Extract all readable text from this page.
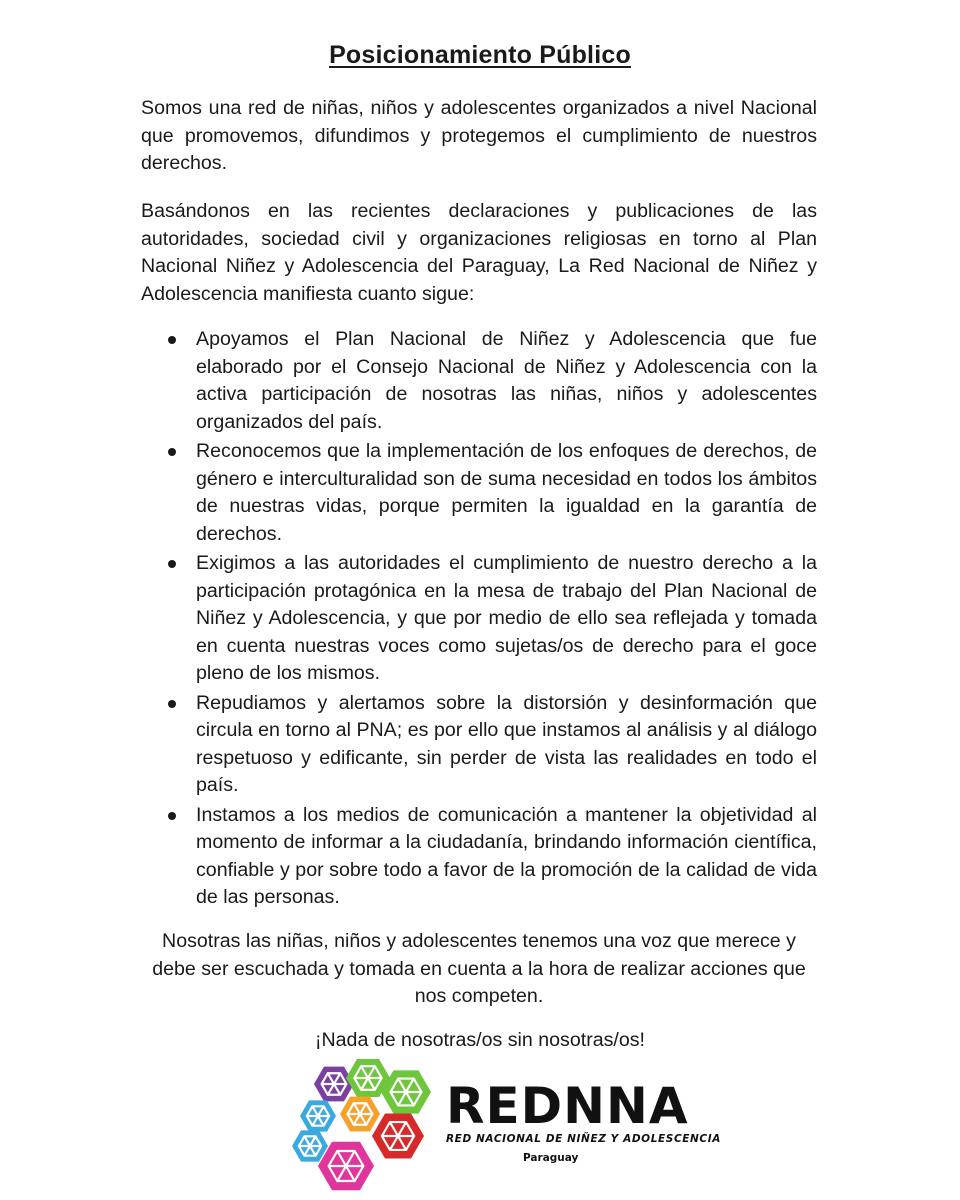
Posicionamiento Público

Somos una red de niñas, niños y adolescentes organizados a nivel Nacional que promovemos, difundimos y protegemos el cumplimiento de nuestros derechos.

Basándonos en las recientes declaraciones y publicaciones de las autoridades, sociedad civil y organizaciones religiosas en torno al Plan Nacional Niñez y Adolescencia del Paraguay, La Red Nacional de Niñez y Adolescencia manifiesta cuanto sigue:

Apoyamos el Plan Nacional de Niñez y Adolescencia que fue elaborado por el Consejo Nacional de Niñez y Adolescencia con la activa participación de nosotras las niñas, niños y adolescentes organizados del país.
Reconocemos que la implementación de los enfoques de derechos, de género e interculturalidad son de suma necesidad en todos los ámbitos de nuestras vidas, porque permiten la igualdad en la garantía de derechos.
Exigimos a las autoridades el cumplimiento de nuestro derecho a la participación protagónica en la mesa de trabajo del Plan Nacional de Niñez y Adolescencia, y que por medio de ello sea reflejada y tomada en cuenta nuestras voces como sujetas/os de derecho para el goce pleno de los mismos.
Repudiamos y alertamos sobre la distorsión y desinformación que circula en torno al PNA; es por ello que instamos al análisis y al diálogo respetuoso y edificante, sin perder de vista las realidades en todo el país.
Instamos a los medios de comunicación a mantener la objetividad al momento de informar a la ciudadanía, brindando información científica, confiable y por sobre todo a favor de la promoción de la calidad de vida de las personas.

Nosotras las niñas, niños y adolescentes tenemos una voz que merece y debe ser escuchada y tomada en cuenta a la hora de realizar acciones que nos competen.

¡Nada de nosotras/os sin nosotras/os!
REDNNA
RED NACIONAL DE NIÑEZ Y ADOLESCENCIA
Paraguay
